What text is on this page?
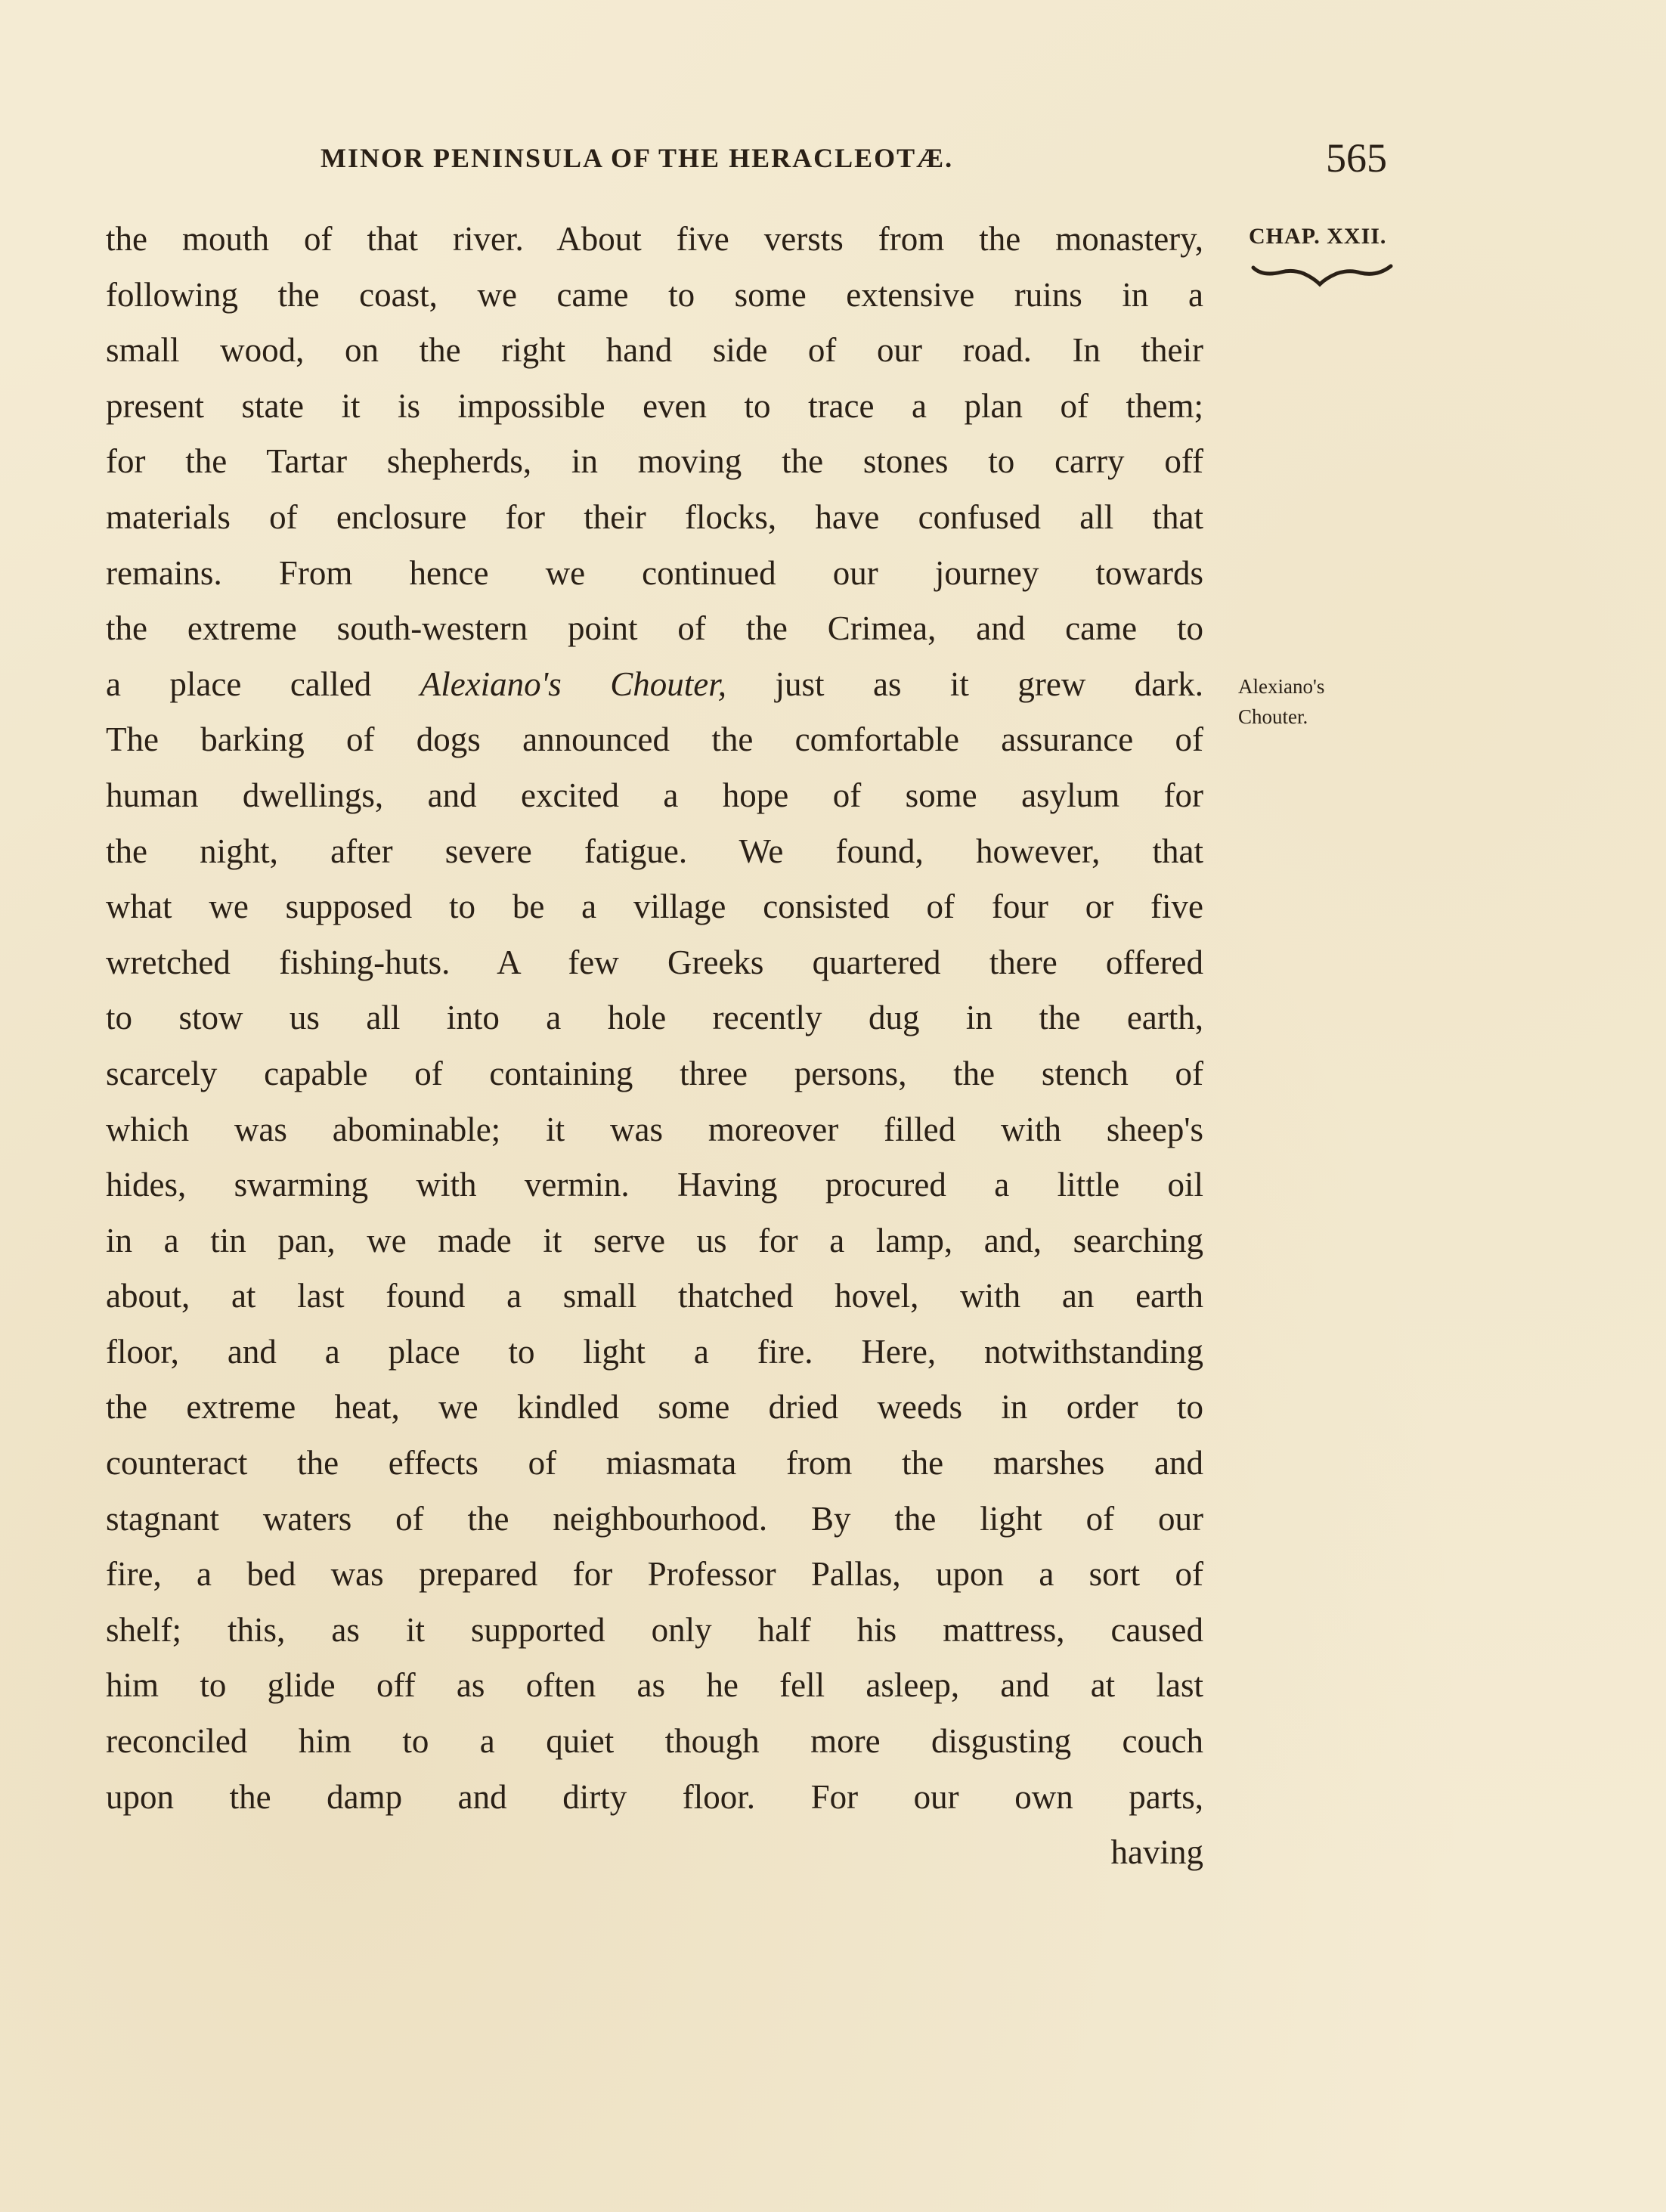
MINOR PENINSULA OF THE HERACLEOTÆ.	565
CHAP. XXII.
Alexiano's
Chouter.
the mouth of that river. About five versts from the monastery,
following the coast, we came to some extensive ruins in a
small wood, on the right hand side of our road. In their
present state it is impossible even to trace a plan of them;
for the Tartar shepherds, in moving the stones to carry off
materials of enclosure for their flocks, have confused all that
remains. From hence we continued our journey towards
the extreme south-western point of the Crimea, and came to
a place called Alexiano's Chouter, just as it grew dark.
The barking of dogs announced the comfortable assurance of
human dwellings, and excited a hope of some asylum for
the night, after severe fatigue. We found, however, that
what we supposed to be a village consisted of four or five
wretched fishing-huts. A few Greeks quartered there offered
to stow us all into a hole recently dug in the earth,
scarcely capable of containing three persons, the stench of
which was abominable; it was moreover filled with sheep's
hides, swarming with vermin. Having procured a little oil
in a tin pan, we made it serve us for a lamp, and, searching
about, at last found a small thatched hovel, with an earth
floor, and a place to light a fire. Here, notwithstanding
the extreme heat, we kindled some dried weeds in order to
counteract the effects of miasmata from the marshes and
stagnant waters of the neighbourhood. By the light of our
fire, a bed was prepared for Professor Pallas, upon a sort of
shelf; this, as it supported only half his mattress, caused
him to glide off as often as he fell asleep, and at last
reconciled him to a quiet though more disgusting couch
upon the damp and dirty floor. For our own parts,
having
